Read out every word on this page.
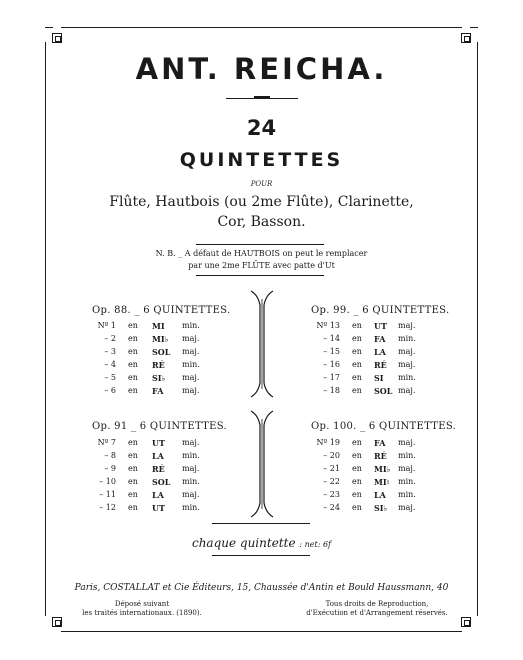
ANT. REICHA.
24
QUINTETTES
POUR
Flûte, Hautbois (ou 2me Flûte), Clarinette,
Cor, Basson.
N. B. _ A défaut de HAUTBOIS on peut le remplacer
par une 2me FLÛTE avec patte d'Ut
Op. 88. _ 6 QUINTETTES.
Nº 1	en	MI min.
– 2	en	MI♭ maj.
– 3	en	SOL maj.
– 4	en	RÉ min.
– 5	en	SI♭ maj.
– 6	en	FA maj.
Op. 99. _ 6 QUINTETTES.
Nº 13	en	UT maj.
– 14	en	FA min.
– 15	en	LA maj.
– 16	en	RÉ maj.
– 17	en	SI min.
– 18	en	SOL maj.
Op. 91 _ 6 QUINTETTES.
Nº 7	en	UT maj.
– 8	en	LA min.
– 9	en	RÉ maj.
– 10	en	SOL min.
– 11	en	LA maj.
– 12	en	UT min.
Op. 100. _ 6 QUINTETTES.
Nº 19	en	FA maj.
– 20	en	RÉ min.
– 21	en	MI♭ maj.
– 22	en	MI♮ min.
– 23	en	LA min.
– 24	en	SI♭ maj.
chaque quintette : net: 6f
Paris, COSTALLAT et Cie Éditeurs, 15, Chaussée d'Antin et Bould Haussmann, 40
Déposé suivant
les traités internationaux. (1890).
Tous droits de Reproduction,
d'Exécution et d'Arrangement réservés.
